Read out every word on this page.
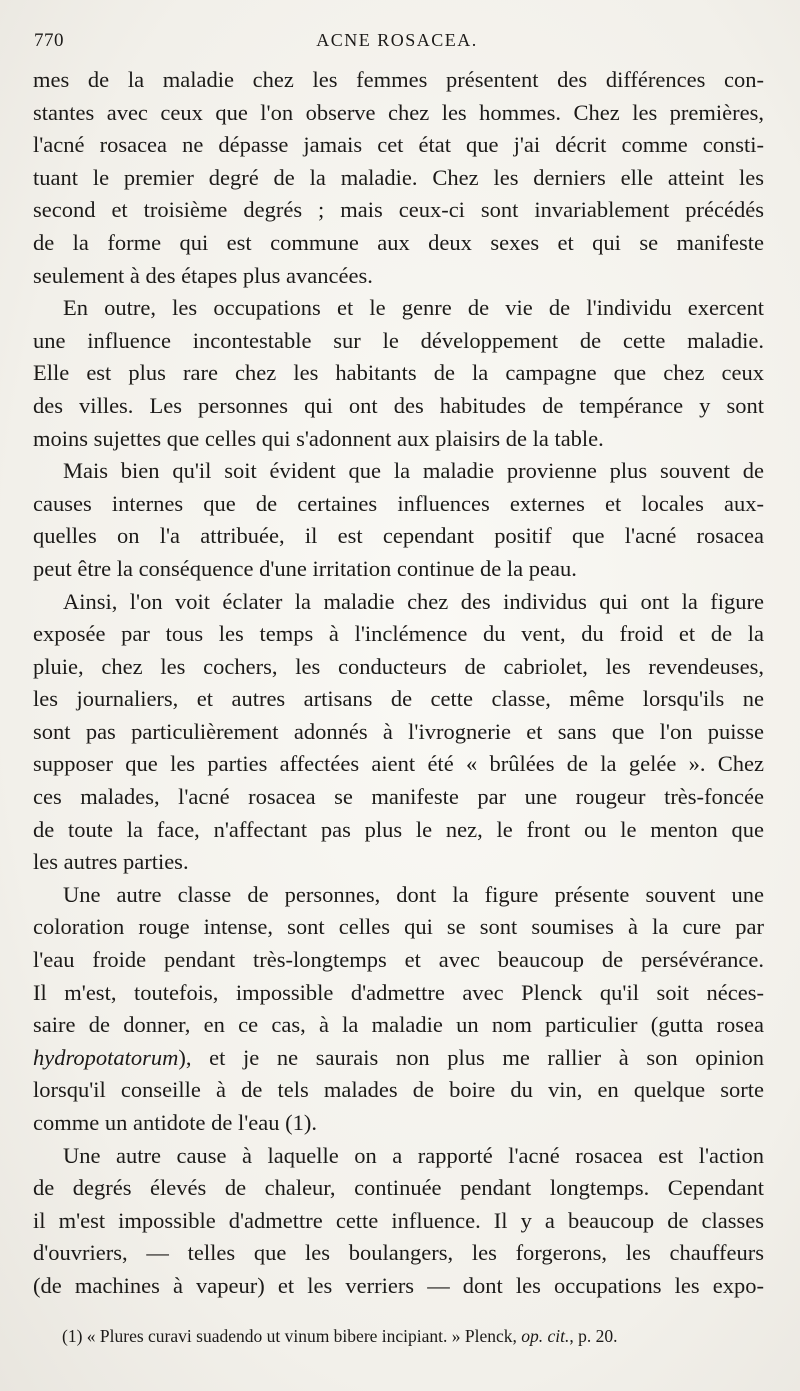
770	ACNE ROSACEA.
mes de la maladie chez les femmes présentent des différences con-
stantes avec ceux que l'on observe chez les hommes. Chez les premières,
l'acné rosacea ne dépasse jamais cet état que j'ai décrit comme consti-
tuant le premier degré de la maladie. Chez les derniers elle atteint les
second et troisième degrés ; mais ceux-ci sont invariablement précédés
de la forme qui est commune aux deux sexes et qui se manifeste
seulement à des étapes plus avancées.
En outre, les occupations et le genre de vie de l'individu exercent
une influence incontestable sur le développement de cette maladie.
Elle est plus rare chez les habitants de la campagne que chez ceux
des villes. Les personnes qui ont des habitudes de tempérance y sont
moins sujettes que celles qui s'adonnent aux plaisirs de la table.
Mais bien qu'il soit évident que la maladie provienne plus souvent de
causes internes que de certaines influences externes et locales aux-
quelles on l'a attribuée, il est cependant positif que l'acné rosacea
peut être la conséquence d'une irritation continue de la peau.
Ainsi, l'on voit éclater la maladie chez des individus qui ont la figure
exposée par tous les temps à l'inclémence du vent, du froid et de la
pluie, chez les cochers, les conducteurs de cabriolet, les revendeuses,
les journaliers, et autres artisans de cette classe, même lorsqu'ils ne
sont pas particulièrement adonnés à l'ivrognerie et sans que l'on puisse
supposer que les parties affectées aient été « brûlées de la gelée ». Chez
ces malades, l'acné rosacea se manifeste par une rougeur très-foncée
de toute la face, n'affectant pas plus le nez, le front ou le menton que
les autres parties.
Une autre classe de personnes, dont la figure présente souvent une
coloration rouge intense, sont celles qui se sont soumises à la cure par
l'eau froide pendant très-longtemps et avec beaucoup de persévérance.
Il m'est, toutefois, impossible d'admettre avec Plenck qu'il soit néces-
saire de donner, en ce cas, à la maladie un nom particulier (gutta rosea
hydropotatorum), et je ne saurais non plus me rallier à son opinion
lorsqu'il conseille à de tels malades de boire du vin, en quelque sorte
comme un antidote de l'eau (1).
Une autre cause à laquelle on a rapporté l'acné rosacea est l'action
de degrés élevés de chaleur, continuée pendant longtemps. Cependant
il m'est impossible d'admettre cette influence. Il y a beaucoup de classes
d'ouvriers, — telles que les boulangers, les forgerons, les chauffeurs
(de machines à vapeur) et les verriers — dont les occupations les expo-
(1) « Plures curavi suadendo ut vinum bibere incipiant. » Plenck, op. cit., p. 20.
